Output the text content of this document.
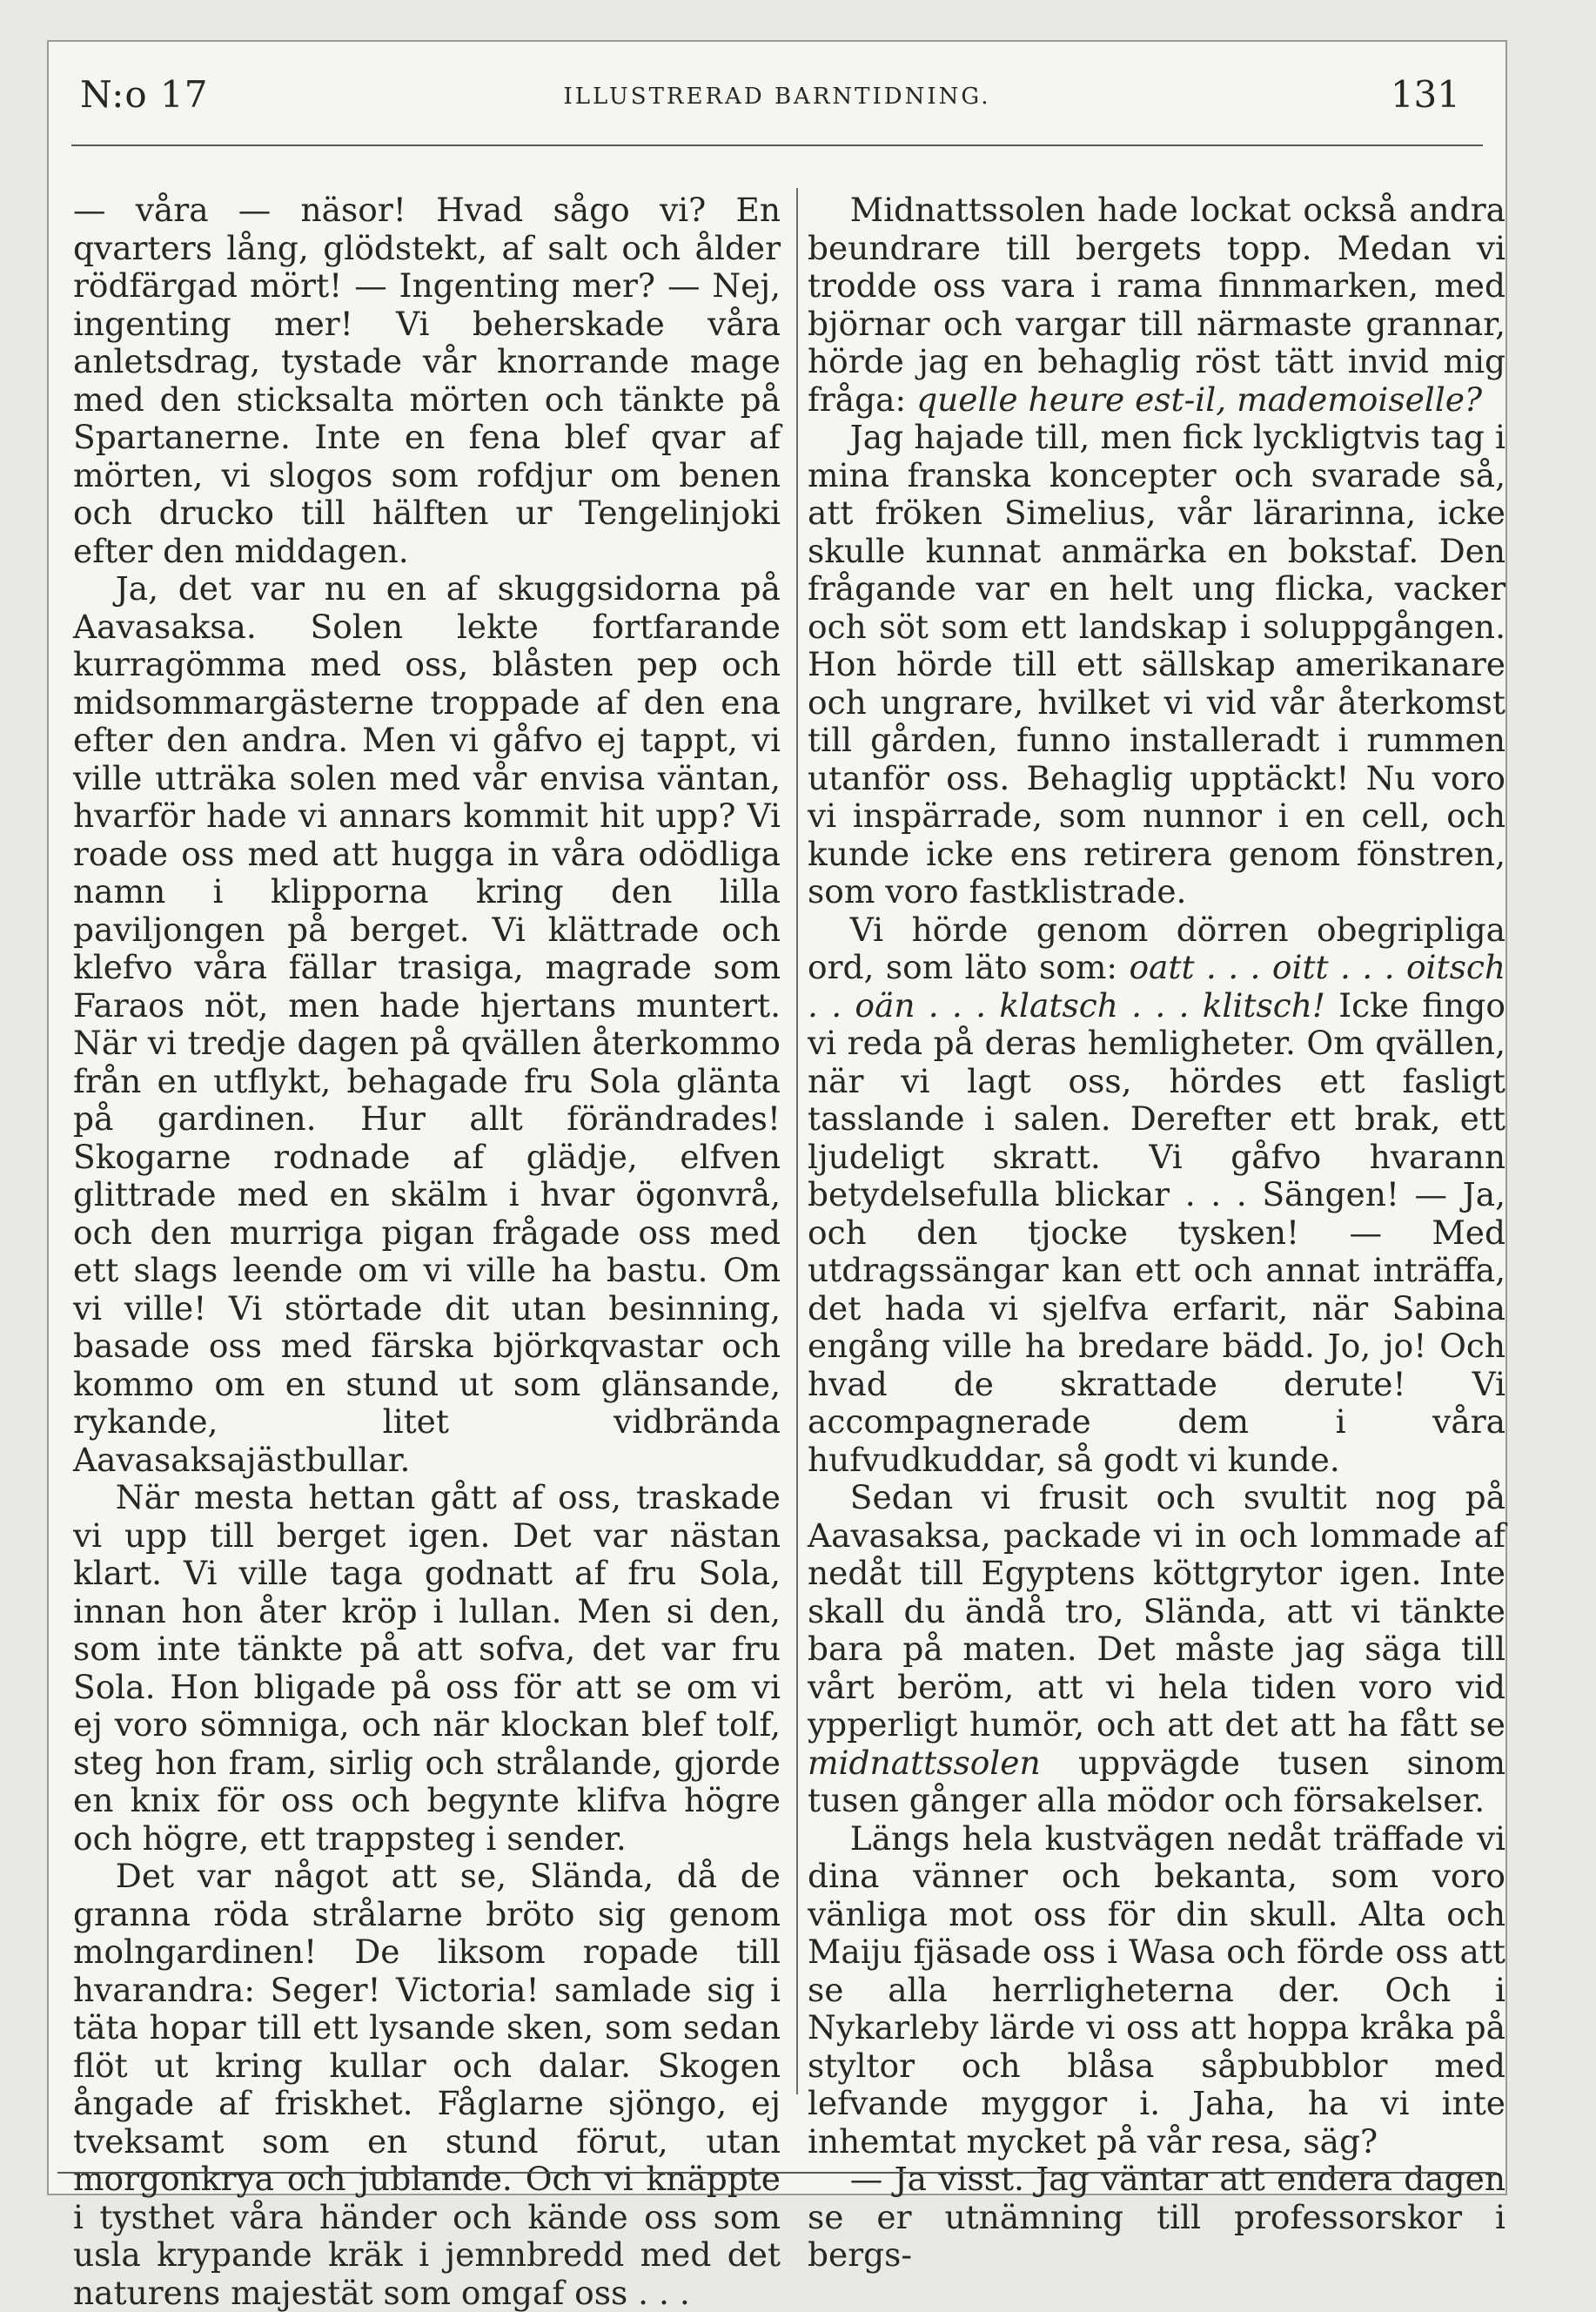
N:o 17	ILLUSTRERAD BARNTIDNING.	131

— våra — näsor! Hvad sågo vi? En qvarters lång, glödstekt, af salt och ålder rödfärgad mört! — Ingenting mer? — Nej, ingenting mer! Vi beherskade våra anletsdrag, tystade vår knorrande mage med den sticksalta mörten och tänkte på Spartanerne. Inte en fena blef qvar af mörten, vi slogos som rofdjur om benen och drucko till hälften ur Tengelinjoki efter den middagen.

Ja, det var nu en af skuggsidorna på Aavasaksa. Solen lekte fortfarande kurragömma med oss, blåsten pep och midsommargästerne troppade af den ena efter den andra. Men vi gåfvo ej tappt, vi ville utträka solen med vår envisa väntan, hvarför hade vi annars kommit hit upp? Vi roade oss med att hugga in våra odödliga namn i klipporna kring den lilla paviljongen på berget. Vi klättrade och klefvo våra fällar trasiga, magrade som Faraos nöt, men hade hjertans muntert. När vi tredje dagen på qvällen återkommo från en utflykt, behagade fru Sola glänta på gardinen. Hur allt förändrades! Skogarne rodnade af glädje, elfven glittrade med en skälm i hvar ögonvrå, och den murriga pigan frågade oss med ett slags leende om vi ville ha bastu. Om vi ville! Vi störtade dit utan besinning, basade oss med färska björkqvastar och kommo om en stund ut som glänsande, rykande, litet vidbrända Aavasaksajästbullar.

När mesta hettan gått af oss, traskade vi upp till berget igen. Det var nästan klart. Vi ville taga godnatt af fru Sola, innan hon åter kröp i lullan. Men si den, som inte tänkte på att sofva, det var fru Sola. Hon bligade på oss för att se om vi ej voro sömniga, och när klockan blef tolf, steg hon fram, sirlig och strålande, gjorde en knix för oss och begynte klifva högre och högre, ett trappsteg i sender.

Det var något att se, Slända, då de granna röda strålarne bröto sig genom molngardinen! De liksom ropade till hvarandra: Seger! Victoria! samlade sig i täta hopar till ett lysande sken, som sedan flöt ut kring kullar och dalar. Skogen ångade af friskhet. Fåglarne sjöngo, ej tveksamt som en stund förut, utan morgonkrya och jublande. Och vi knäppte i tysthet våra händer och kände oss som usla krypande kräk i jemnbredd med det naturens majestät som omgaf oss . . .

Midnattssolen hade lockat också andra beundrare till bergets topp. Medan vi trodde oss vara i rama finnmarken, med björnar och vargar till närmaste grannar, hörde jag en behaglig röst tätt invid mig fråga: quelle heure est-il, mademoiselle?

Jag hajade till, men fick lyckligtvis tag i mina franska koncepter och svarade så, att fröken Simelius, vår lärarinna, icke skulle kunnat anmärka en bokstaf. Den frågande var en helt ung flicka, vacker och söt som ett landskap i soluppgången. Hon hörde till ett sällskap amerikanare och ungrare, hvilket vi vid vår återkomst till gården, funno installeradt i rummen utanför oss. Behaglig upptäckt! Nu voro vi inspärrade, som nunnor i en cell, och kunde icke ens retirera genom fönstren, som voro fastklistrade.

Vi hörde genom dörren obegripliga ord, som läto som: oatt . . . oitt . . . oitsch . . oän . . . klatsch . . . klitsch! Icke fingo vi reda på deras hemligheter. Om qvällen, när vi lagt oss, hördes ett fasligt tasslande i salen. Derefter ett brak, ett ljudeligt skratt. Vi gåfvo hvarann betydelsefulla blickar . . . Sängen! — Ja, och den tjocke tysken! — Med utdragssängar kan ett och annat inträffa, det hada vi sjelfva erfarit, när Sabina engång ville ha bredare bädd. Jo, jo! Och hvad de skrattade derute! Vi accompagnerade dem i våra hufvudkuddar, så godt vi kunde.

Sedan vi frusit och svultit nog på Aavasaksa, packade vi in och lommade af nedåt till Egyptens köttgrytor igen. Inte skall du ändå tro, Slända, att vi tänkte bara på maten. Det måste jag säga till vårt beröm, att vi hela tiden voro vid ypperligt humör, och att det att ha fått se midnattssolen uppvägde tusen sinom tusen gånger alla mödor och försakelser.

Längs hela kustvägen nedåt träffade vi dina vänner och bekanta, som voro vänliga mot oss för din skull. Alta och Maiju fjäsade oss i Wasa och förde oss att se alla herrligheterna der. Och i Nykarleby lärde vi oss att hoppa kråka på styltor och blåsa såpbubblor med lefvande myggor i. Jaha, ha vi inte inhemtat mycket på vår resa, säg?

— Ja visst. Jag väntar att endera dagen se er utnämning till professorskor i bergs-
